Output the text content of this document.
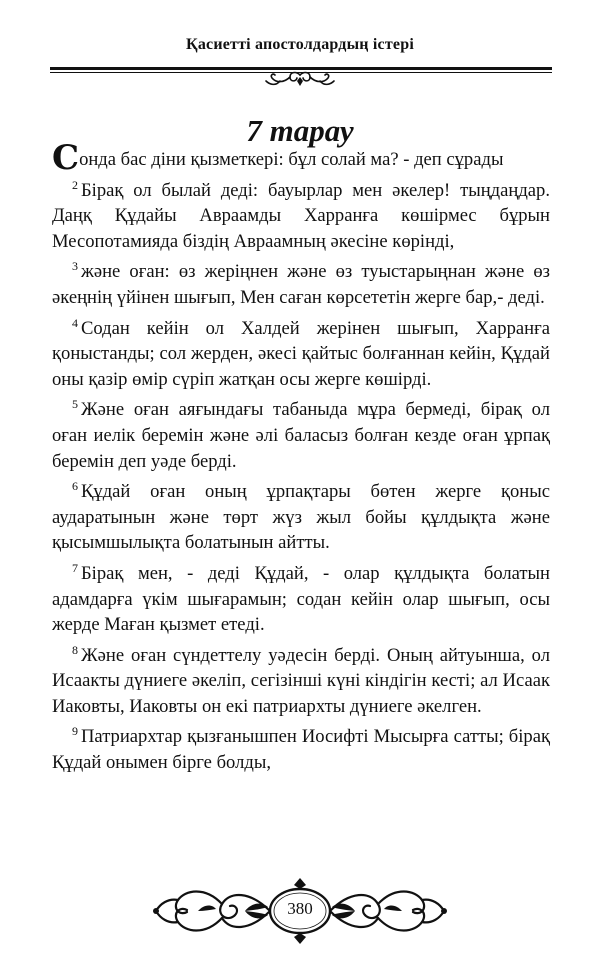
Қасиетті апостолдардың істері
7 тарау

Сонда бас діни қызметкері: бұл солай ма? - деп сұрады

$^2$ Бірақ ол былай деді: бауырлар мен әкелер! тыңдаңдар. Даңқ Құдайы Авраамды Харранға көшірмес бұрын Месопотамияда біздің Авраамның әкесіне көрінді,

$^3$ және оған: өз жеріңнен және өз туыстарыңнан және өз әкеңнің үйінен шығып, Мен саған көрсететін жерге бар,- деді.

$^4$ Содан кейін ол Халдей жерінен шығып, Харранға қоныстанды; сол жерден, әкесі қайтыс болғаннан кейін, Құдай оны қазір өмір сүріп жатқан осы жерге көшірді.

$^5$ Және оған аяғындағы табаныда мұра бермеді, бірақ ол оған иелік беремін және әлі баласыз болған кезде оған ұрпақ беремін деп уәде берді.

$^6$ Құдай оған оның ұрпақтары бөтен жерге қоныс аударатынын және төрт жүз жыл бойы құлдықта және қысымшылықта болатынын айтты.

$^7$ Бірақ мен, - деді Құдай, - олар құлдықта болатын адамдарға үкім шығарамын; содан кейін олар шығып, осы жерде Маған қызмет етеді.

$^8$ Және оған сүндеттелу уәдесін берді. Оның айтуынша, ол Исаакты дүниеге әкеліп, сегізінші күні кіндігін кесті; ал Исаак Иаковты, Иаковты он екі патриархты дүниеге әкелген.

$^9$ Патриархтар қызғанышпен Иосифті Мысырға сатты; бірақ Құдай онымен бірге болды,

380
